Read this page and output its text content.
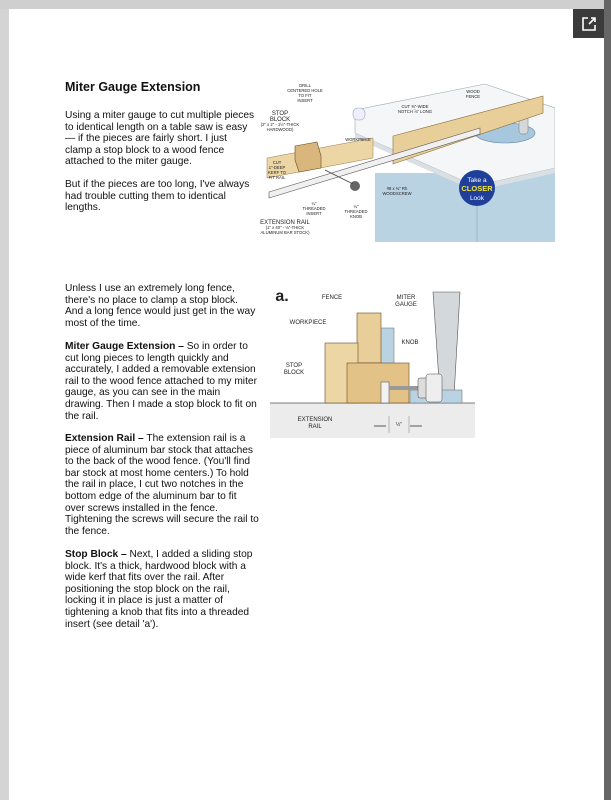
Miter Gauge Extension

Using a miter gauge to cut multiple pieces to identical length on a table saw is easy — if the pieces are fairly short. I just clamp a stop block to a wood fence attached to the miter gauge.

But if the pieces are too long, I've always had trouble cutting them to identical lengths.

Unless I use an extremely long fence, there's no place to clamp a stop block. And a long fence would just get in the way most of the time.

Miter Gauge Extension – So in order to cut long pieces to length quickly and accurately, I added a removable extension rail to the wood fence attached to my miter gauge, as you can see in the main drawing. Then I made a stop block to fit on the rail.

Extension Rail – The extension rail is a piece of aluminum bar stock that attaches to the back of the wood fence. (You'll find bar stock at most home centers.) To hold the rail in place, I cut two notches in the bottom edge of the aluminum bar to fit over screws installed in the fence. Tightening the screws will secure the rail to the fence.

Stop Block – Next, I added a sliding stop block. It's a thick, hardwood block with a wide kerf that fits over the rail. After positioning the stop block on the rail, locking it in place is just a matter of tightening a knob that fits into a threaded insert (see detail 'a').

DRILL
CENTERED HOLE
TO FIT
INSERT
STOP
BLOCK
(2" x 2" - 1½"-THICK
HARDWOOD)
CUT
1"-DEEP
KERF TO
FIT RAIL
WORKPIECE
CUT ⅜"-WIDE
NOTCH ⅞" LONG
WOOD
FENCE
¼"
THREADED
INSERT
¼"
THREADED
KNOB
#8 x ¾" Rh
WOODSCREW
EXTENSION RAIL
(1" x 40" - ⅛"-THICK
ALUMINUM BAR STOCK)
Take a
CLOSER
Look
a.	FENCE	MITER
GAUGE
WORKPIECE
KNOB
STOP
BLOCK
EXTENSION
RAIL	½"
